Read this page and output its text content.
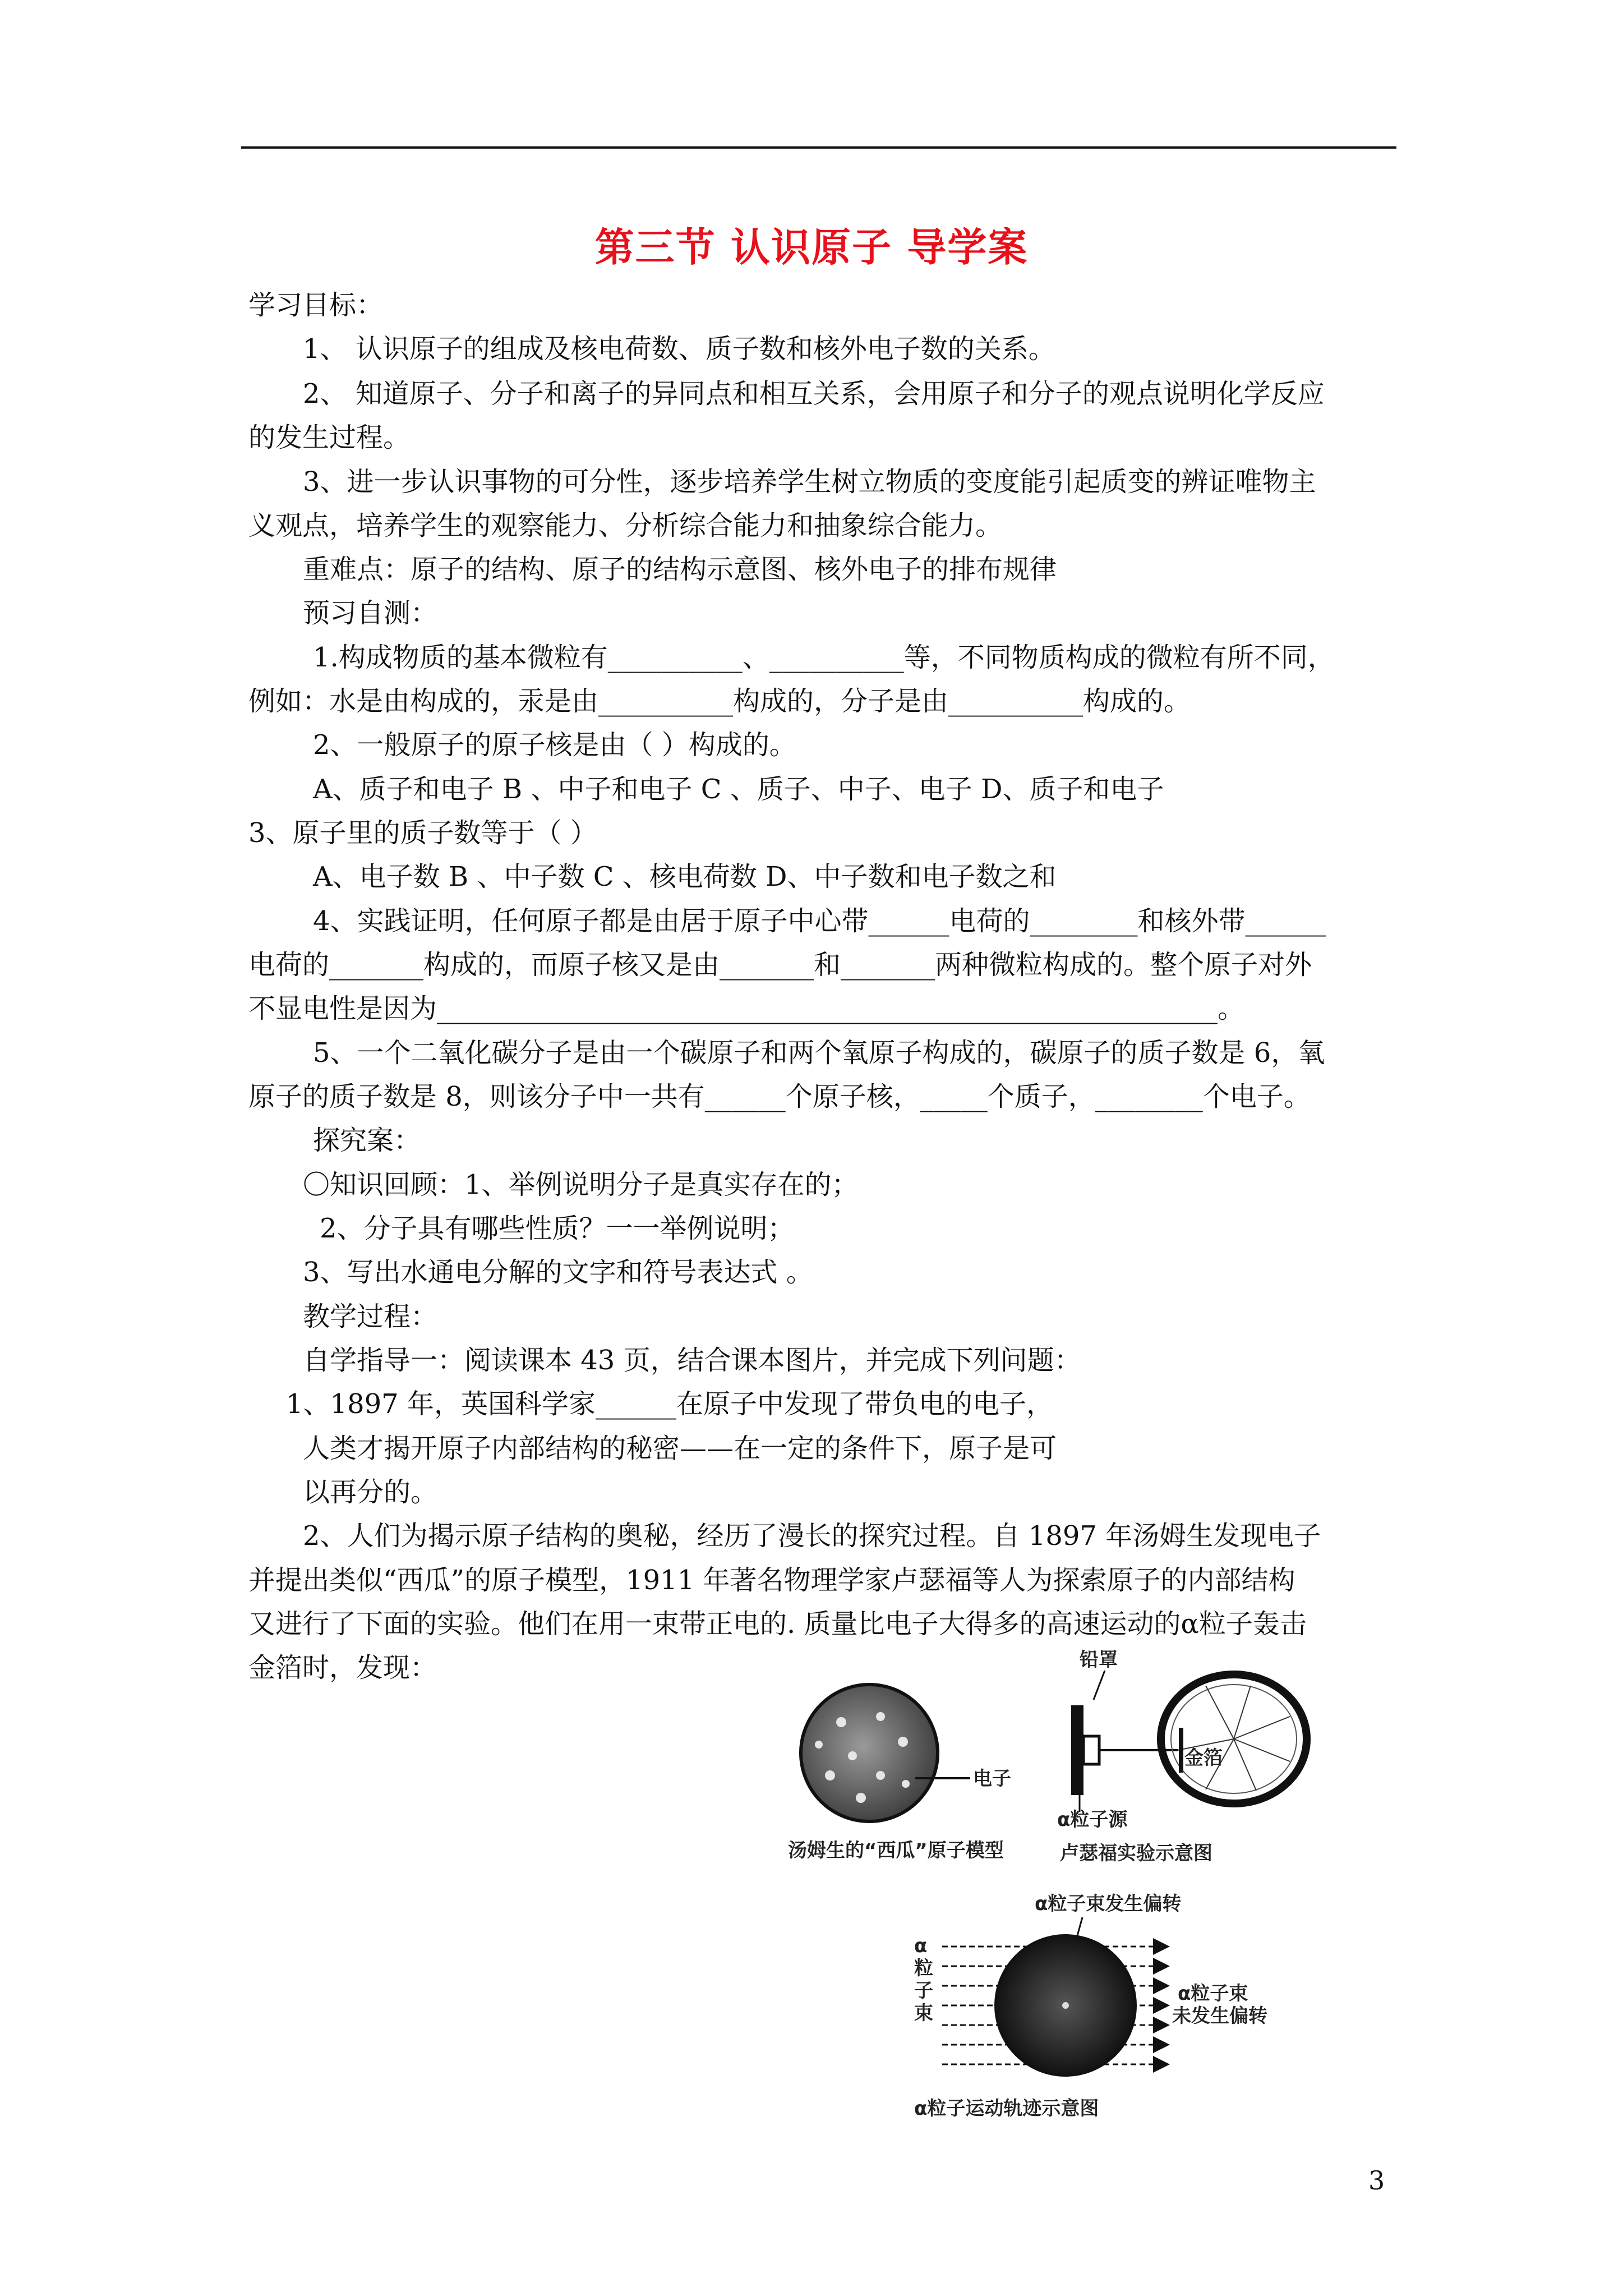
第三节 认识原子 导学案
学习目标：
1、 认识原子的组成及核电荷数、质子数和核外电子数的关系。
2、 知道原子、分子和离子的异同点和相互关系，会用原子和分子的观点说明化学反应
的发生过程。
3、进一步认识事物的可分性，逐步培养学生树立物质的变度能引起质变的辨证唯物主
义观点，培养学生的观察能力、分析综合能力和抽象综合能力。
重难点：原子的结构、原子的结构示意图、核外电子的排布规律
预习自测：
1.构成物质的基本微粒有__________、__________等，不同物质构成的微粒有所不同，
例如：水是由构成的，汞是由__________构成的，分子是由__________构成的。
2、一般原子的原子核是由（ ）构成的。
A、质子和电子 B 、中子和电子 C 、质子、中子、电子 D、质子和电子
3、原子里的质子数等于（ ）
A、电子数 B 、中子数 C 、核电荷数 D、中子数和电子数之和
4、实践证明，任何原子都是由居于原子中心带______电荷的________和核外带______
电荷的_______构成的，而原子核又是由_______和_______两种微粒构成的。整个原子对外
不显电性是因为__________________________________________________________。
5、一个二氧化碳分子是由一个碳原子和两个氧原子构成的，碳原子的质子数是 6，氧
原子的质子数是 8，则该分子中一共有______个原子核，_____个质子，________个电子。
探究案：
〇知识回顾：1、举例说明分子是真实存在的；
2、分子具有哪些性质？一一举例说明；
3、写出水通电分解的文字和符号表达式 。
教学过程：
自学指导一：阅读课本 43 页，结合课本图片，并完成下列问题：
1、1897 年，英国科学家______在原子中发现了带负电的电子，
人类才揭开原子内部结构的秘密——在一定的条件下，原子是可
以再分的。
2、人们为揭示原子结构的奥秘，经历了漫长的探究过程。自 1897 年汤姆生发现电子
并提出类似“西瓜”的原子模型，1911 年著名物理学家卢瑟福等人为探索原子的内部结构
又进行了下面的实验。他们在用一束带正电的. 质量比电子大得多的高速运动的α粒子轰击
金箔时，发现：
电子
汤姆生的“西瓜”原子模型
铅罩
金箔
α粒子源
卢瑟福实验示意图
α粒子束发生偏转
α
粒
子
束
α粒子束
未发生偏转
α粒子运动轨迹示意图
3
